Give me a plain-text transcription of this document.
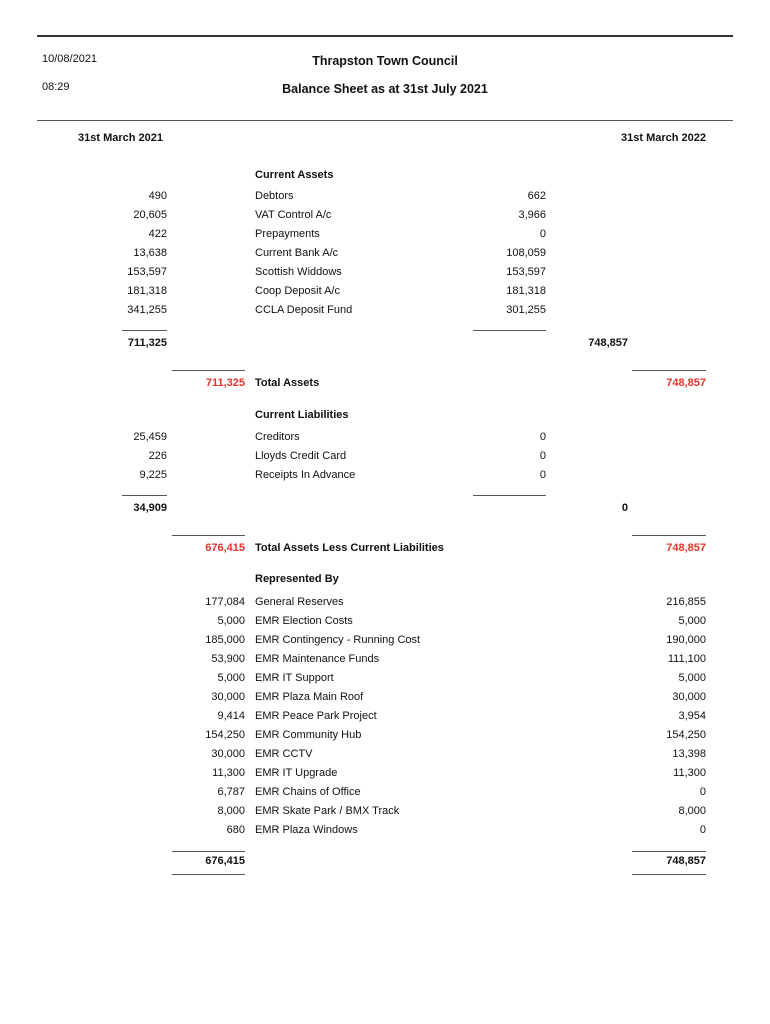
10/08/2021
08:29
Thrapston Town Council
Balance Sheet as at 31st July 2021
31st March 2021	31st March 2022
Current Assets
490	Debtors	662
20,605	VAT Control A/c	3,966
422	Prepayments	0
13,638	Current Bank A/c	108,059
153,597	Scottish Widdows	153,597
181,318	Coop Deposit A/c	181,318
341,255	CCLA Deposit Fund	301,255
711,325	748,857
711,325 Total Assets	748,857
Current Liabilities
25,459	Creditors	0
226	Lloyds Credit Card	0
9,225	Receipts In Advance	0
34,909	0
676,415 Total Assets Less Current Liabilities	748,857
Represented By
177,084 General Reserves	216,855
5,000 EMR Election Costs	5,000
185,000 EMR Contingency - Running Cost	190,000
53,900 EMR Maintenance Funds	111,100
5,000 EMR IT Support	5,000
30,000 EMR Plaza Main Roof	30,000
9,414 EMR Peace Park Project	3,954
154,250 EMR Community Hub	154,250
30,000 EMR CCTV	13,398
11,300 EMR IT Upgrade	11,300
6,787 EMR Chains of Office	0
8,000 EMR Skate Park / BMX Track	8,000
680 EMR Plaza Windows	0
676,415	748,857
